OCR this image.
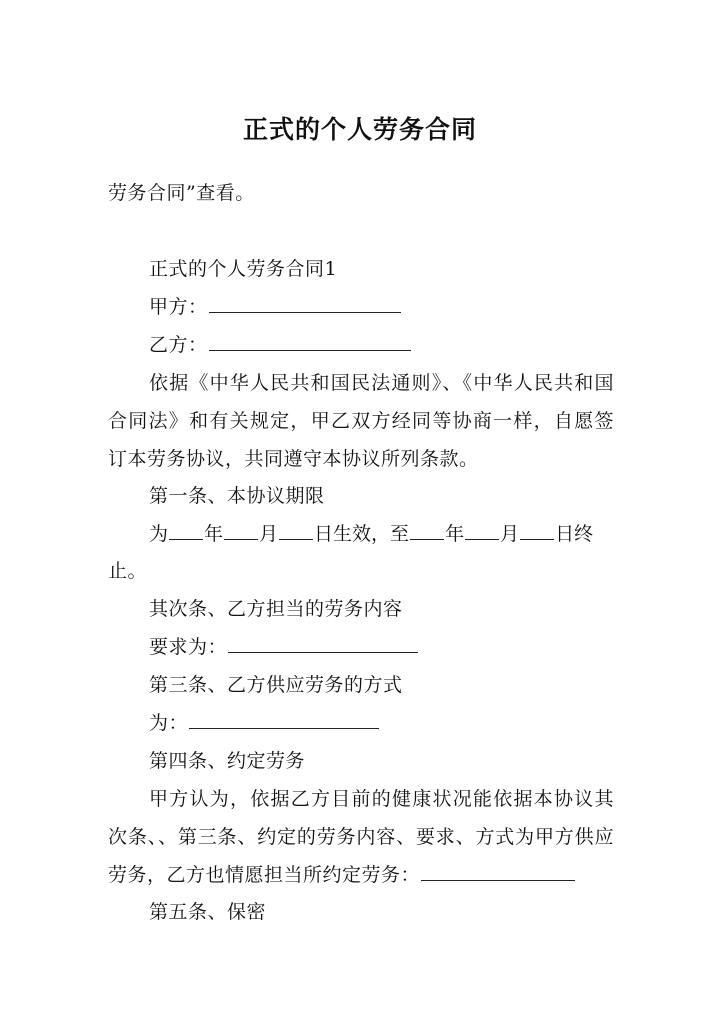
正式的个人劳务合同
劳务合同”查看。
正式的个人劳务合同1
甲方：
乙方：
依据《中华人民共和国民法通则》、《中华人民共和国合同法》和有关规定，甲乙双方经同等协商一样，自愿签订本劳务协议，共同遵守本协议所列条款。
第一条、本协议期限
为 年 月 日生效，至 年 月 日终
止。
其次条、乙方担当的劳务内容
要求为：
第三条、乙方供应劳务的方式
为：
第四条、约定劳务
甲方认为，依据乙方目前的健康状况能依据本协议其次条、、第三条、约定的劳务内容、要求、方式为甲方供应劳务，乙方也情愿担当所约定劳务：
第五条、保密
